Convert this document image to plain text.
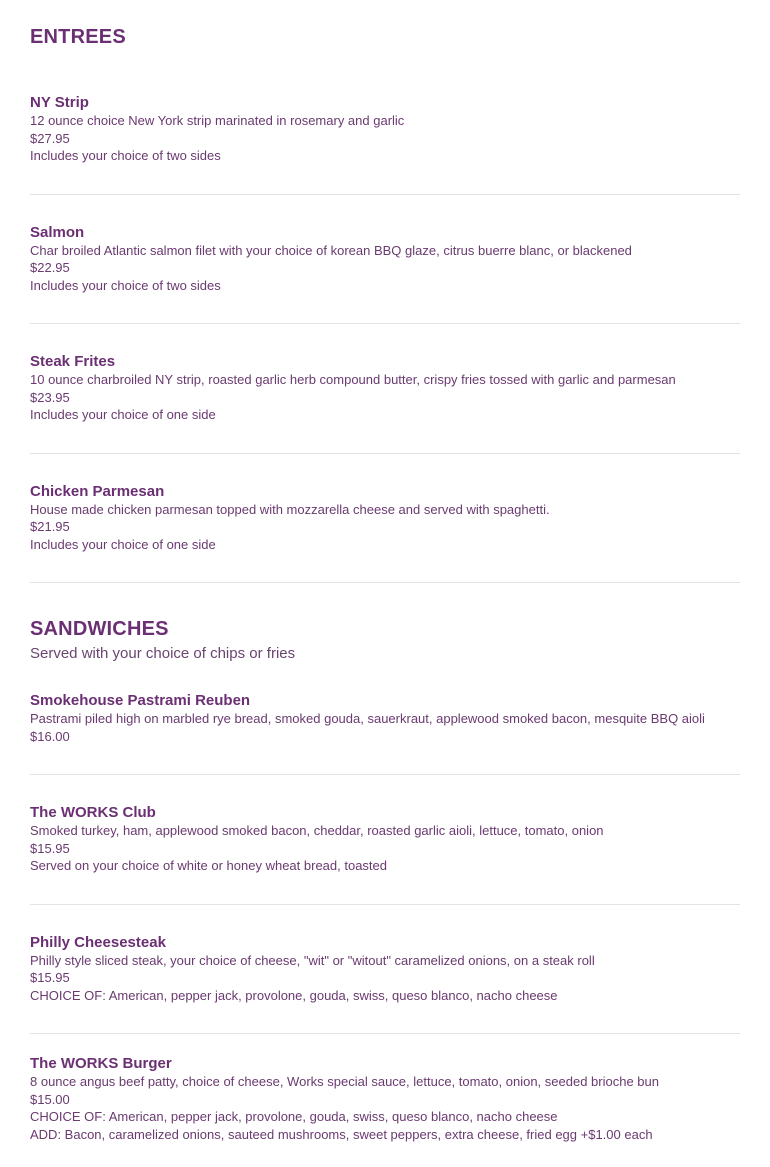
ENTREES

NY Strip

12 ounce choice New York strip marinated in rosemary and garlic

$27.95

Includes your choice of two sides

Salmon

Char broiled Atlantic salmon filet with your choice of korean BBQ glaze, citrus buerre blanc, or blackened

$22.95

Includes your choice of two sides

Steak Frites

10 ounce charbroiled NY strip, roasted garlic herb compound butter, crispy fries tossed with garlic and parmesan

$23.95

Includes your choice of one side

Chicken Parmesan

House made chicken parmesan topped with mozzarella cheese and served with spaghetti.

$21.95

Includes your choice of one side

SANDWICHES

Served with your choice of chips or fries

Smokehouse Pastrami Reuben

Pastrami piled high on marbled rye bread, smoked gouda, sauerkraut, applewood smoked bacon, mesquite BBQ aioli

$16.00

The WORKS Club

Smoked turkey, ham, applewood smoked bacon, cheddar, roasted garlic aioli, lettuce, tomato, onion

$15.95

Served on your choice of white or honey wheat bread, toasted

Philly Cheesesteak

Philly style sliced steak, your choice of cheese, "wit" or "witout" caramelized onions, on a steak roll

$15.95

CHOICE OF: American, pepper jack, provolone, gouda, swiss, queso blanco, nacho cheese

The WORKS Burger

8 ounce angus beef patty, choice of cheese, Works special sauce, lettuce, tomato, onion, seeded brioche bun

$15.00

CHOICE OF: American, pepper jack, provolone, gouda, swiss, queso blanco, nacho cheese

ADD: Bacon, caramelized onions, sauteed mushrooms, sweet peppers, extra cheese, fried egg +$1.00 each
